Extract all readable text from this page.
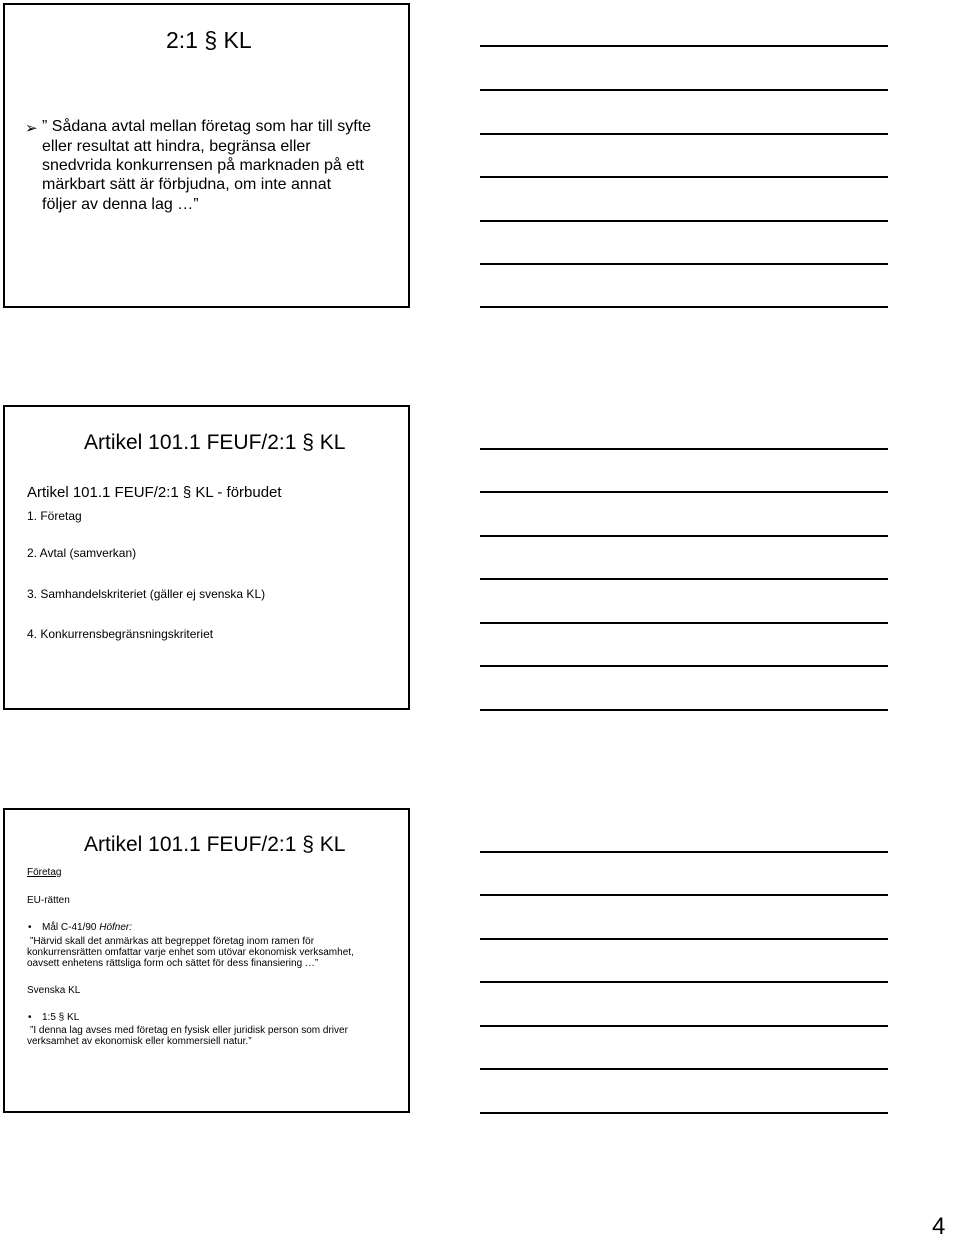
2:1 § KL
➢ ” Sådana avtal mellan företag som har till syfte
eller resultat att hindra, begränsa eller
snedvrida konkurrensen på marknaden på ett
märkbart sätt är förbjudna, om inte annat
följer av denna lag …”
Artikel 101.1 FEUF/2:1 § KL
Artikel 101.1 FEUF/2:1 § KL - förbudet
1. Företag
2. Avtal (samverkan)
3. Samhandelskriteriet (gäller ej svenska KL)
4. Konkurrensbegränsningskriteriet
Artikel 101.1 FEUF/2:1 § KL
Företag
EU-rätten
• Mål C-41/90 Höfner:
”Härvid skall det anmärkas att begreppet företag inom ramen för
konkurrensrätten omfattar varje enhet som utövar ekonomisk verksamhet,
oavsett enhetens rättsliga form och sättet för dess finansiering …”
Svenska KL
• 1:5 § KL
”I denna lag avses med företag en fysisk eller juridisk person som driver
verksamhet av ekonomisk eller kommersiell natur.”
4
